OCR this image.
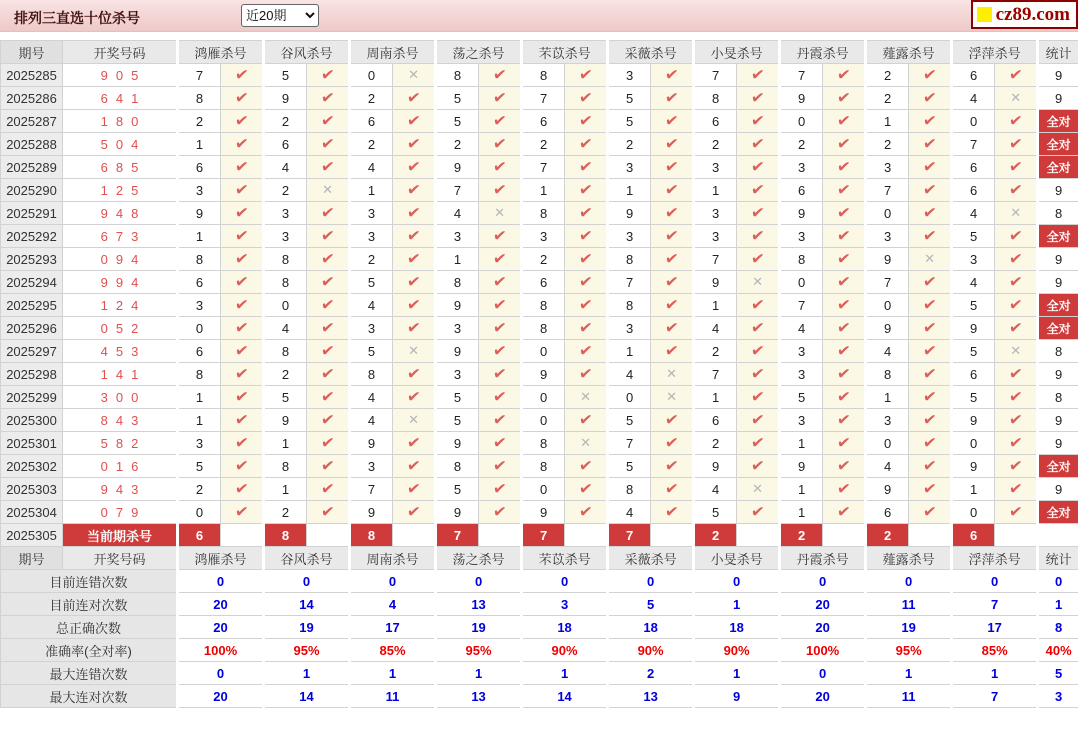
排列三直选十位杀号
近20期	cz89.com
期号	开奖号码	鸿雁杀号		谷风杀号		周南杀号		荡之杀号		芣苡杀号		采薇杀号		小旻杀号		丹霞杀号		薤露杀号		浮萍杀号		统计
2025285	905	7	✔	5	✔	0	✕	8	✔	8	✔	3	✔	7	✔	7	✔	2	✔	6	✔	9
2025286	641	8	✔	9	✔	2	✔	5	✔	7	✔	5	✔	8	✔	9	✔	2	✔	4	✕	9
2025287	180	2	✔	2	✔	6	✔	5	✔	6	✔	5	✔	6	✔	0	✔	1	✔	0	✔	全对
2025288	504	1	✔	6	✔	2	✔	2	✔	2	✔	2	✔	2	✔	2	✔	2	✔	7	✔	全对
2025289	685	6	✔	4	✔	4	✔	9	✔	7	✔	3	✔	3	✔	3	✔	3	✔	6	✔	全对
2025290	125	3	✔	2	✕	1	✔	7	✔	1	✔	1	✔	1	✔	6	✔	7	✔	6	✔	9
2025291	948	9	✔	3	✔	3	✔	4	✕	8	✔	9	✔	3	✔	9	✔	0	✔	4	✕	8
2025292	673	1	✔	3	✔	3	✔	3	✔	3	✔	3	✔	3	✔	3	✔	3	✔	5	✔	全对
2025293	094	8	✔	8	✔	2	✔	1	✔	2	✔	8	✔	7	✔	8	✔	9	✕	3	✔	9
2025294	994	6	✔	8	✔	5	✔	8	✔	6	✔	7	✔	9	✕	0	✔	7	✔	4	✔	9
2025295	124	3	✔	0	✔	4	✔	9	✔	8	✔	8	✔	1	✔	7	✔	0	✔	5	✔	全对
2025296	052	0	✔	4	✔	3	✔	3	✔	8	✔	3	✔	4	✔	4	✔	9	✔	9	✔	全对
2025297	453	6	✔	8	✔	5	✕	9	✔	0	✔	1	✔	2	✔	3	✔	4	✔	5	✕	8
2025298	141	8	✔	2	✔	8	✔	3	✔	9	✔	4	✕	7	✔	3	✔	8	✔	6	✔	9
2025299	300	1	✔	5	✔	4	✔	5	✔	0	✕	0	✕	1	✔	5	✔	1	✔	5	✔	8
2025300	843	1	✔	9	✔	4	✕	5	✔	0	✔	5	✔	6	✔	3	✔	3	✔	9	✔	9
2025301	582	3	✔	1	✔	9	✔	9	✔	8	✕	7	✔	2	✔	1	✔	0	✔	0	✔	9
2025302	016	5	✔	8	✔	3	✔	8	✔	8	✔	5	✔	9	✔	9	✔	4	✔	9	✔	全对
2025303	943	2	✔	1	✔	7	✔	5	✔	0	✔	8	✔	4	✕	1	✔	9	✔	1	✔	9
2025304	079	0	✔	2	✔	9	✔	9	✔	9	✔	4	✔	5	✔	1	✔	6	✔	0	✔	全对
2025305	当前期杀号	6		8		8		7		7		7		2		2		2		6		
期号	开奖号码	鸿雁杀号		谷风杀号		周南杀号		荡之杀号		芣苡杀号		采薇杀号		小旻杀号		丹霞杀号		薤露杀号		浮萍杀号		统计
目前连错次数		0		0		0		0		0		0		0		0		0		0		0
目前连对次数		20		14		4		13		3		5		1		20		11		7		1
总正确次数		20		19		17		19		18		18		18		20		19		17		8
准确率(全对率)		100%		95%		85%		95%		90%		90%		90%		100%		95%		85%		40%
最大连错次数		0		1		1		1		1		2		1		0		1		1		5
最大连对次数		20		14		11		13		14		13		9		20		11		7		3
